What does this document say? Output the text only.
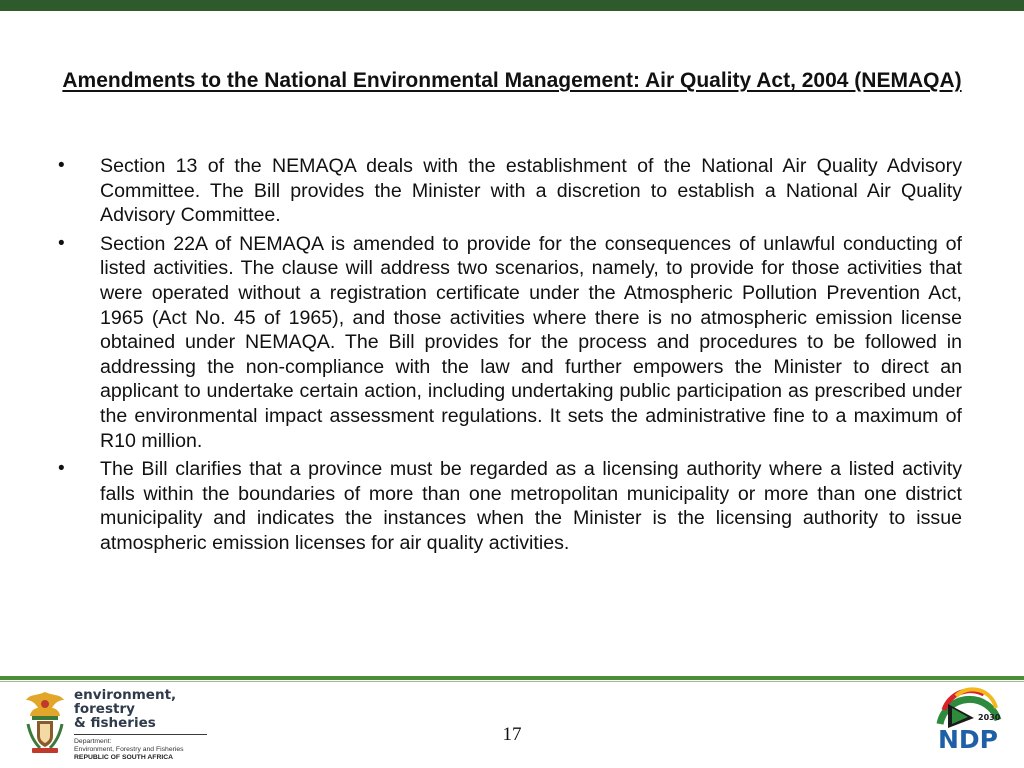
Amendments to the National Environmental Management: Air Quality Act, 2004 (NEMAQA)
• Section 13 of the NEMAQA deals with the establishment of the National Air Quality Advisory Committee. The Bill provides the Minister with a discretion to establish a National Air Quality Advisory Committee.
• Section 22A of NEMAQA is amended to provide for the consequences of unlawful conducting of listed activities. The clause will address two scenarios, namely, to provide for those activities that were operated without a registration certificate under the Atmospheric Pollution Prevention Act, 1965 (Act No. 45 of 1965), and those activities where there is no atmospheric emission license obtained under NEMAQA. The Bill provides for the process and procedures to be followed in addressing the non-compliance with the law and further empowers the Minister to direct an applicant to undertake certain action, including undertaking public participation as prescribed under the environmental impact assessment regulations. It sets the administrative fine to a maximum of R10 million.
• The Bill clarifies that a province must be regarded as a licensing authority where a listed activity falls within the boundaries of more than one metropolitan municipality or more than one district municipality and indicates the instances when the Minister is the licensing authority to issue atmospheric emission licenses for air quality activities.
environment, forestry
& fisheries
Department:
Environment, Forestry and Fisheries
REPUBLIC OF SOUTH AFRICA
17
2030
NDP
